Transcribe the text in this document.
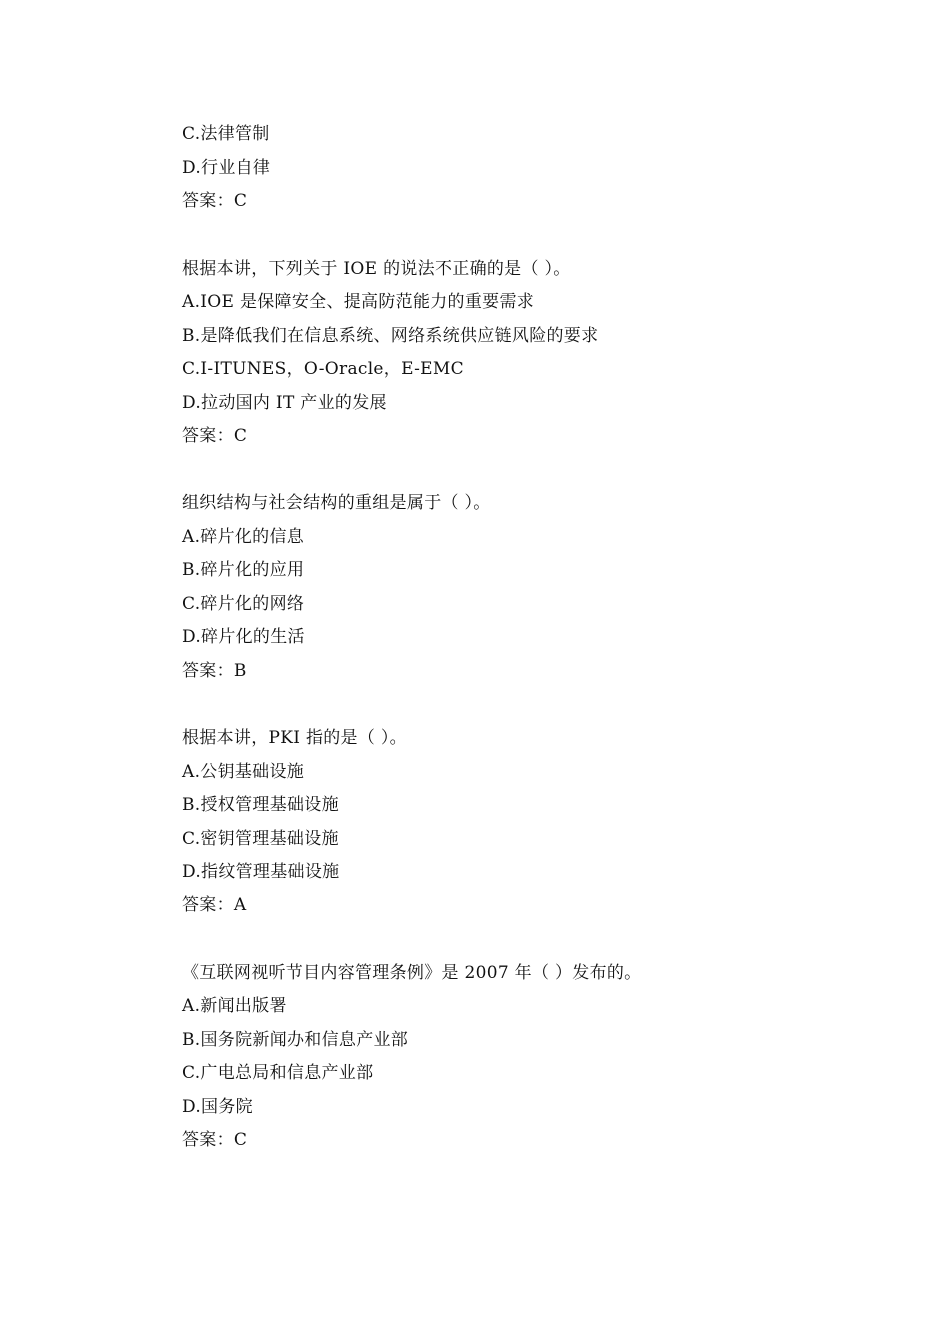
C.法律管制
D.行业自律
答案：C
根据本讲，下列关于 IOE 的说法不正确的是（ ）。
A.IOE 是保障安全、提高防范能力的重要需求
B.是降低我们在信息系统、网络系统供应链风险的要求
C.I-ITUNES，O-Oracle，E-EMC
D.拉动国内 IT 产业的发展
答案：C
组织结构与社会结构的重组是属于（ ）。
A.碎片化的信息
B.碎片化的应用
C.碎片化的网络
D.碎片化的生活
答案：B
根据本讲，PKI 指的是（ ）。
A.公钥基础设施
B.授权管理基础设施
C.密钥管理基础设施
D.指纹管理基础设施
答案：A
《互联网视听节目内容管理条例》是 2007 年（ ）发布的。
A.新闻出版署
B.国务院新闻办和信息产业部
C.广电总局和信息产业部
D.国务院
答案：C
